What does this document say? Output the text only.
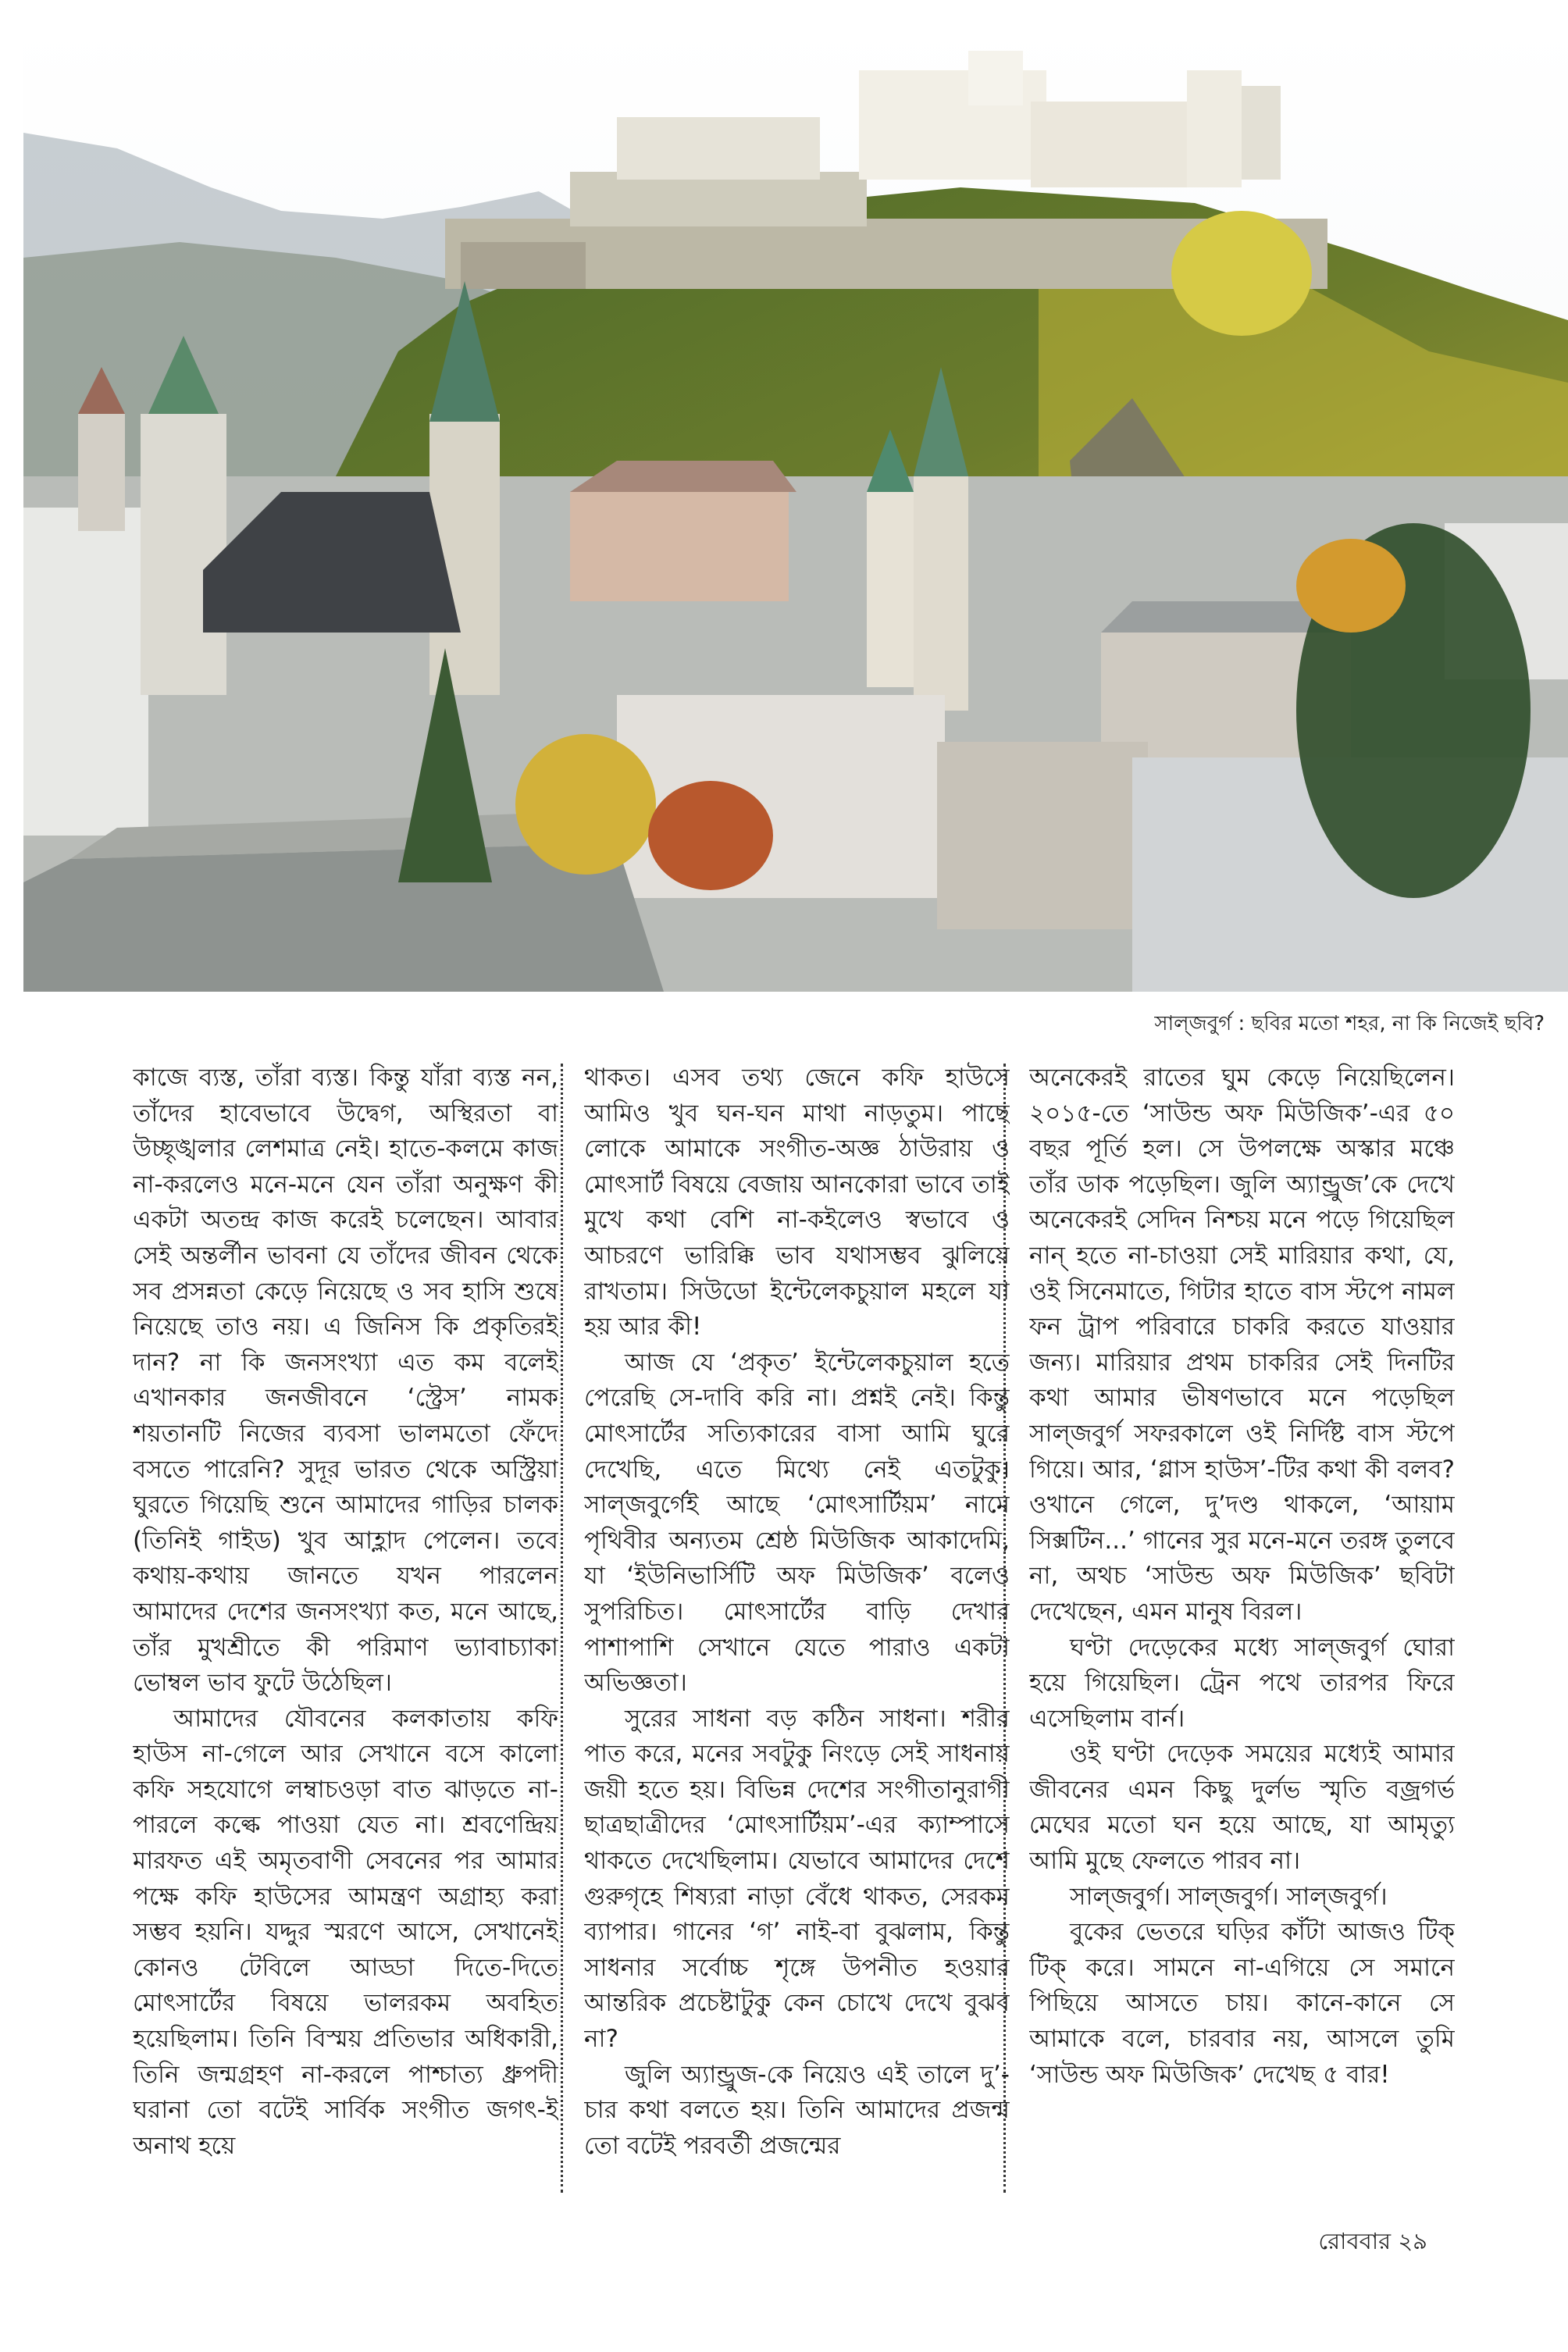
সাল্‌জবুর্গ : ছবির মতো শহর, না কি নিজেই ছবি?

কাজে ব্যস্ত, তাঁরা ব্যস্ত। কিন্তু যাঁরা ব্যস্ত নন, তাঁদের হাবেভাবে উদ্বেগ, অস্থিরতা বা উচ্ছৃঙ্খলার লেশমাত্র নেই। হাতে-কলমে কাজ না-করলেও মনে-মনে যেন তাঁরা অনুক্ষণ কী একটা অতন্দ্র কাজ করেই চলেছেন। আবার সেই অন্তর্লীন ভাবনা যে তাঁদের জীবন থেকে সব প্রসন্নতা কেড়ে নিয়েছে ও সব হাসি শুষে নিয়েছে তাও নয়। এ জিনিস কি প্রকৃতিরই দান? না কি জনসংখ্যা এত কম বলেই এখানকার জনজীবনে ‘স্ট্রেস’ নামক শয়তানটি নিজের ব্যবসা ভালমতো ফেঁদে বসতে পারেনি? সুদূর ভারত থেকে অস্ট্রিয়া ঘুরতে গিয়েছি শুনে আমাদের গাড়ির চালক (তিনিই গাইড) খুব আহ্লাদ পেলেন। তবে কথায়-কথায় জানতে যখন পারলেন আমাদের দেশের জনসংখ্যা কত, মনে আছে, তাঁর মুখশ্রীতে কী পরিমাণ ভ্যাবাচ্যাকা ভোম্বল ভাব ফুটে উঠেছিল।

আমাদের যৌবনের কলকাতায় কফি হাউস না-গেলে আর সেখানে বসে কালো কফি সহযোগে লম্বাচওড়া বাত ঝাড়তে না-পারলে কল্কে পাওয়া যেত না। শ্রবণেন্দ্রিয় মারফত এই অমৃতবাণী সেবনের পর আমার পক্ষে কফি হাউসের আমন্ত্রণ অগ্রাহ্য করা সম্ভব হয়নি। যদ্দুর স্মরণে আসে, সেখানেই কোনও টেবিলে আড্ডা দিতে-দিতে মোৎসার্টের বিষয়ে ভালরকম অবহিত হয়েছিলাম। তিনি বিস্ময় প্রতিভার অধিকারী, তিনি জন্মগ্রহণ না-করলে পাশ্চাত্য ধ্রুপদী ঘরানা তো বটেই সার্বিক সংগীত জগৎ-ই অনাথ হয়ে

থাকত। এসব তথ্য জেনে কফি হাউসে আমিও খুব ঘন-ঘন মাথা নাড়তুম। পাছে লোকে আমাকে সংগীত-অজ্ঞ ঠাউরায় ও মোৎসার্ট বিষয়ে বেজায় আনকোরা ভাবে তাই মুখে কথা বেশি না-কইলেও স্বভাবে ও আচরণে ভারিক্কি ভাব যথাসম্ভব ঝুলিয়ে রাখতাম। সিউডো ইন্টেলেকচুয়াল মহলে যা হয় আর কী!

আজ যে ‘প্রকৃত’ ইন্টেলেকচুয়াল হতে পেরেছি সে-দাবি করি না। প্রশ্নই নেই। কিন্তু মোৎসার্টের সত্যিকারের বাসা আমি ঘুরে দেখেছি, এতে মিথ্যে নেই এতটুকু। সাল্‌জবুর্গেই আছে ‘মোৎসার্টিয়ম’ নামে পৃথিবীর অন্যতম শ্রেষ্ঠ মিউজিক আকাদেমি, যা ‘ইউনিভার্সিটি অফ মিউজিক’ বলেও সুপরিচিত। মোৎসার্টের বাড়ি দেখার পাশাপাশি সেখানে যেতে পারাও একটা অভিজ্ঞতা।

সুরের সাধনা বড় কঠিন সাধনা। শরীর পাত করে, মনের সবটুকু নিংড়ে সেই সাধনায় জয়ী হতে হয়। বিভিন্ন দেশের সংগীতানুরাগী ছাত্রছাত্রীদের ‘মোৎসার্টিয়ম’-এর ক্যাম্পাসে থাকতে দেখেছিলাম। যেভাবে আমাদের দেশে গুরুগৃহে শিষ্যরা নাড়া বেঁধে থাকত, সেরকম ব্যাপার। গানের ‘গ’ নাই-বা বুঝলাম, কিন্তু সাধনার সর্বোচ্চ শৃঙ্গে উপনীত হওয়ার আন্তরিক প্রচেষ্টাটুকু কেন চোখে দেখে বুঝব না?

জুলি অ্যান্ড্রুজ-কে নিয়েও এই তালে দু’-চার কথা বলতে হয়। তিনি আমাদের প্রজন্ম তো বটেই পরবর্তী প্রজন্মের

অনেকেরই রাতের ঘুম কেড়ে নিয়েছিলেন। ২০১৫-তে ‘সাউন্ড অফ মিউজিক’-এর ৫০ বছর পূর্তি হল। সে উপলক্ষে অস্কার মঞ্চে তাঁর ডাক পড়েছিল। জুলি অ্যান্ড্রুজ’কে দেখে অনেকেরই সেদিন নিশ্চয় মনে পড়ে গিয়েছিল নান্‌ হতে না-চাওয়া সেই মারিয়ার কথা, যে, ওই সিনেমাতে, গিটার হাতে বাস স্টপে নামল ফন ট্রাপ পরিবারে চাকরি করতে যাওয়ার জন্য। মারিয়ার প্রথম চাকরির সেই দিনটির কথা আমার ভীষণভাবে মনে পড়েছিল সাল্‌জবুর্গ সফরকালে ওই নির্দিষ্ট বাস স্টপে গিয়ে। আর, ‘গ্লাস হাউস’-টির কথা কী বলব? ওখানে গেলে, দু’দণ্ড থাকলে, ‘আয়াম সিক্সটিন...’ গানের সুর মনে-মনে তরঙ্গ তুলবে না, অথচ ‘সাউন্ড অফ মিউজিক’ ছবিটা দেখেছেন, এমন মানুষ বিরল।

ঘণ্টা দেড়েকের মধ্যে সাল্‌জবুর্গ ঘোরা হয়ে গিয়েছিল। ট্রেন পথে তারপর ফিরে এসেছিলাম বার্ন।

ওই ঘণ্টা দেড়েক সময়ের মধ্যেই আমার জীবনের এমন কিছু দুর্লভ স্মৃতি বজ্রগর্ভ মেঘের মতো ঘন হয়ে আছে, যা আমৃত্যু আমি মুছে ফেলতে পারব না।

সাল্‌জবুর্গ। সাল্‌জবুর্গ। সাল্‌জবুর্গ।

বুকের ভেতরে ঘড়ির কাঁটা আজও টিক্‌ টিক্‌ করে। সামনে না-এগিয়ে সে সমানে পিছিয়ে আসতে চায়। কানে-কানে সে আমাকে বলে, চারবার নয়, আসলে তুমি ‘সাউন্ড অফ মিউজিক’ দেখেছ ৫ বার!

রোববার ২৯
